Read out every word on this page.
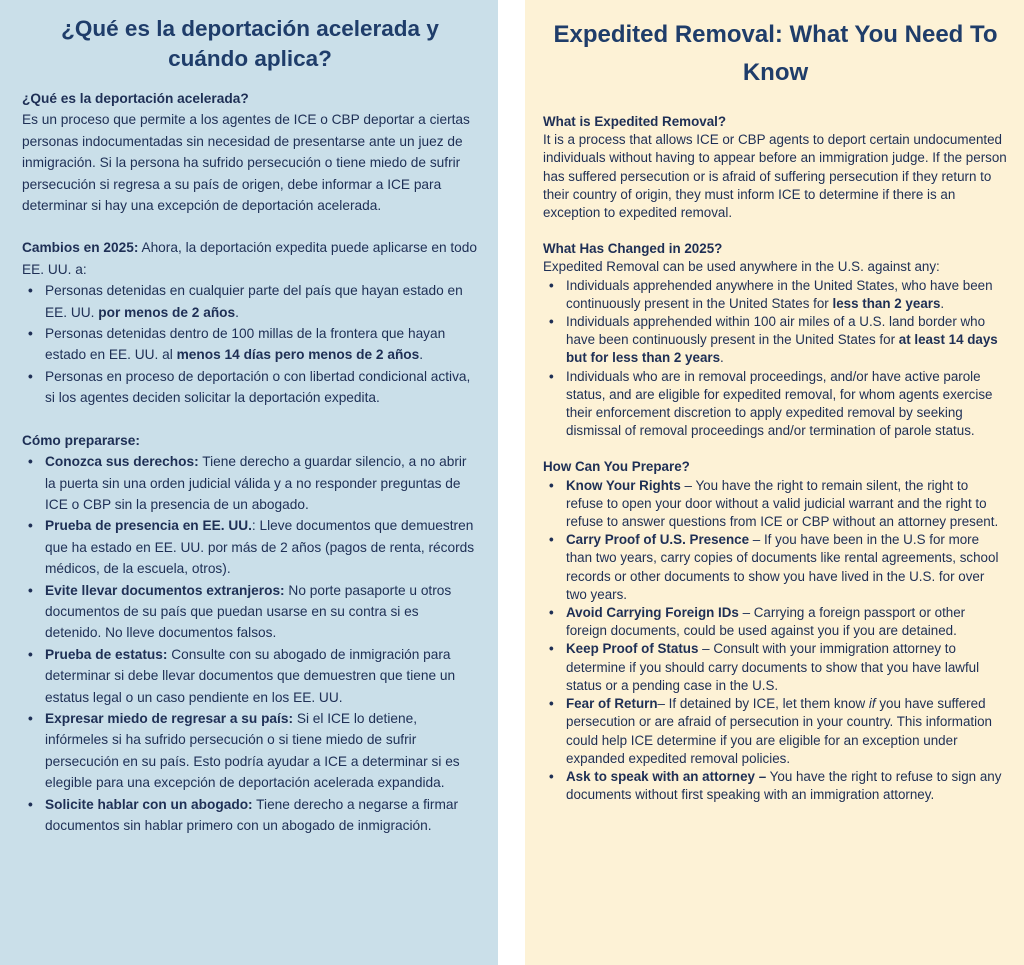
¿Qué es la deportación acelerada y cuándo aplica?
¿Qué es la deportación acelerada?

Es un proceso que permite a los agentes de ICE o CBP deportar a ciertas personas indocumentadas sin necesidad de presentarse ante un juez de inmigración. Si la persona ha sufrido persecución o tiene miedo de sufrir persecución si regresa a su país de origen, debe informar a ICE para determinar si hay una excepción de deportación acelerada.

Cambios en 2025: Ahora, la deportación expedita puede aplicarse en todo EE. UU. a:

• Personas detenidas en cualquier parte del país que hayan estado en EE. UU. por menos de 2 años.
• Personas detenidas dentro de 100 millas de la frontera que hayan estado en EE. UU. al menos 14 días pero menos de 2 años.
• Personas en proceso de deportación o con libertad condicional activa, si los agentes deciden solicitar la deportación expedita.
Cómo prepararse:
• Conozca sus derechos: Tiene derecho a guardar silencio, a no abrir la puerta sin una orden judicial válida y a no responder preguntas de ICE o CBP sin la presencia de un abogado.
• Prueba de presencia en EE. UU.: Lleve documentos que demuestren que ha estado en EE. UU. por más de 2 años (pagos de renta, récords médicos, de la escuela, otros).
• Evite llevar documentos extranjeros: No porte pasaporte u otros documentos de su país que puedan usarse en su contra si es detenido. No lleve documentos falsos.
• Prueba de estatus: Consulte con su abogado de inmigración para determinar si debe llevar documentos que demuestren que tiene un estatus legal o un caso pendiente en los EE. UU.
• Expresar miedo de regresar a su país: Si el ICE lo detiene, infórmeles si ha sufrido persecución o si tiene miedo de sufrir persecución en su país. Esto podría ayudar a ICE a determinar si es elegible para una excepción de deportación acelerada expandida.
• Solicite hablar con un abogado: Tiene derecho a negarse a firmar documentos sin hablar primero con un abogado de inmigración.
Expedited Removal: What You Need To Know
What is Expedited Removal?

It is a process that allows ICE or CBP agents to deport certain undocumented individuals without having to appear before an immigration judge. If the person has suffered persecution or is afraid of suffering persecution if they return to their country of origin, they must inform ICE to determine if there is an exception to expedited removal.

What Has Changed in 2025?

Expedited Removal can be used anywhere in the U.S. against any:

• Individuals apprehended anywhere in the United States, who have been continuously present in the United States for less than 2 years.
• Individuals apprehended within 100 air miles of a U.S. land border who have been continuously present in the United States for at least 14 days but for less than 2 years.
• Individuals who are in removal proceedings, and/or have active parole status, and are eligible for expedited removal, for whom agents exercise their enforcement discretion to apply expedited removal by seeking dismissal of removal proceedings and/or termination of parole status.
How Can You Prepare?
• Know Your Rights – You have the right to remain silent, the right to refuse to open your door without a valid judicial warrant and the right to refuse to answer questions from ICE or CBP without an attorney present.
• Carry Proof of U.S. Presence – If you have been in the U.S for more than two years, carry copies of documents like rental agreements, school records or other documents to show you have lived in the U.S. for over two years.
• Avoid Carrying Foreign IDs – Carrying a foreign passport or other foreign documents, could be used against you if you are detained.
• Keep Proof of Status – Consult with your immigration attorney to determine if you should carry documents to show that you have lawful status or a pending case in the U.S.
• Fear of Return– If detained by ICE, let them know if you have suffered persecution or are afraid of persecution in your country. This information could help ICE determine if you are eligible for an exception under expanded expedited removal policies.
• Ask to speak with an attorney – You have the right to refuse to sign any documents without first speaking with an immigration attorney.
